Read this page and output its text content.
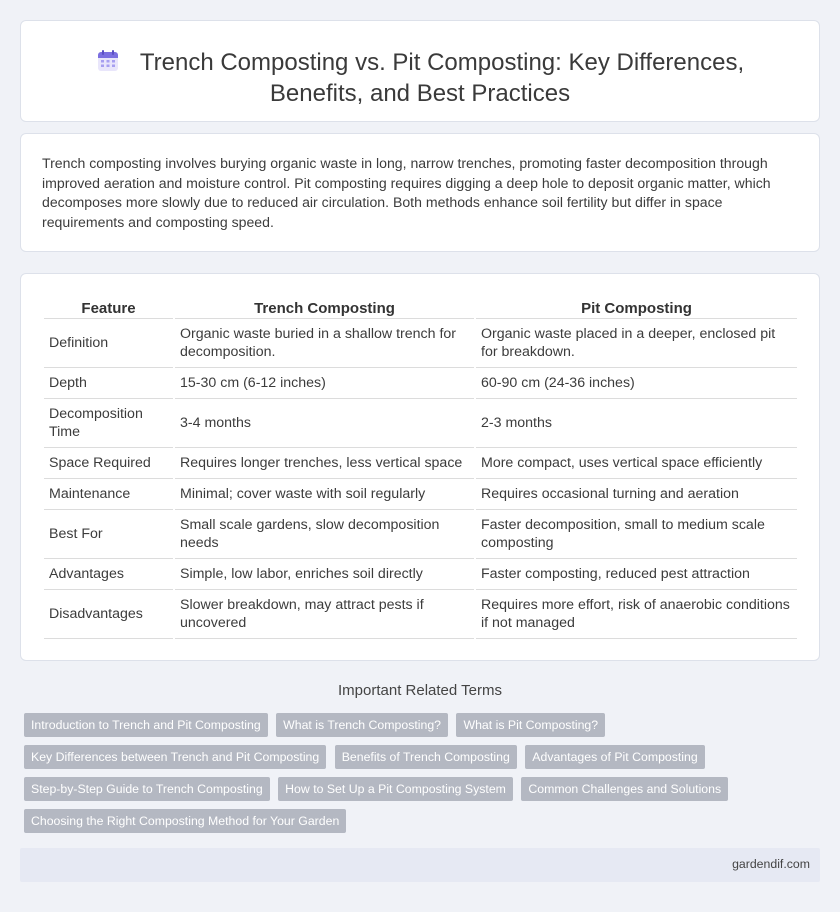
Trench Composting vs. Pit Composting: Key Differences, Benefits, and Best Practices

Trench composting involves burying organic waste in long, narrow trenches, promoting faster decomposition through improved aeration and moisture control. Pit composting requires digging a deep hole to deposit organic matter, which decomposes more slowly due to reduced air circulation. Both methods enhance soil fertility but differ in space requirements and composting speed.

Feature	Trench Composting	Pit Composting
Definition	Organic waste buried in a shallow trench for decomposition.	Organic waste placed in a deeper, enclosed pit for breakdown.
Depth	15-30 cm (6-12 inches)	60-90 cm (24-36 inches)
Decomposition Time	3-4 months	2-3 months
Space Required	Requires longer trenches, less vertical space	More compact, uses vertical space efficiently
Maintenance	Minimal; cover waste with soil regularly	Requires occasional turning and aeration
Best For	Small scale gardens, slow decomposition needs	Faster decomposition, small to medium scale composting
Advantages	Simple, low labor, enriches soil directly	Faster composting, reduced pest attraction
Disadvantages	Slower breakdown, may attract pests if uncovered	Requires more effort, risk of anaerobic conditions if not managed
Important Related Terms
Introduction to Trench and Pit Composting What is Trench Composting? What is Pit Composting?
Key Differences between Trench and Pit Composting Benefits of Trench Composting Advantages of Pit Composting
Step-by-Step Guide to Trench Composting How to Set Up a Pit Composting System Common Challenges and Solutions
Choosing the Right Composting Method for Your Garden
gardendif.com
